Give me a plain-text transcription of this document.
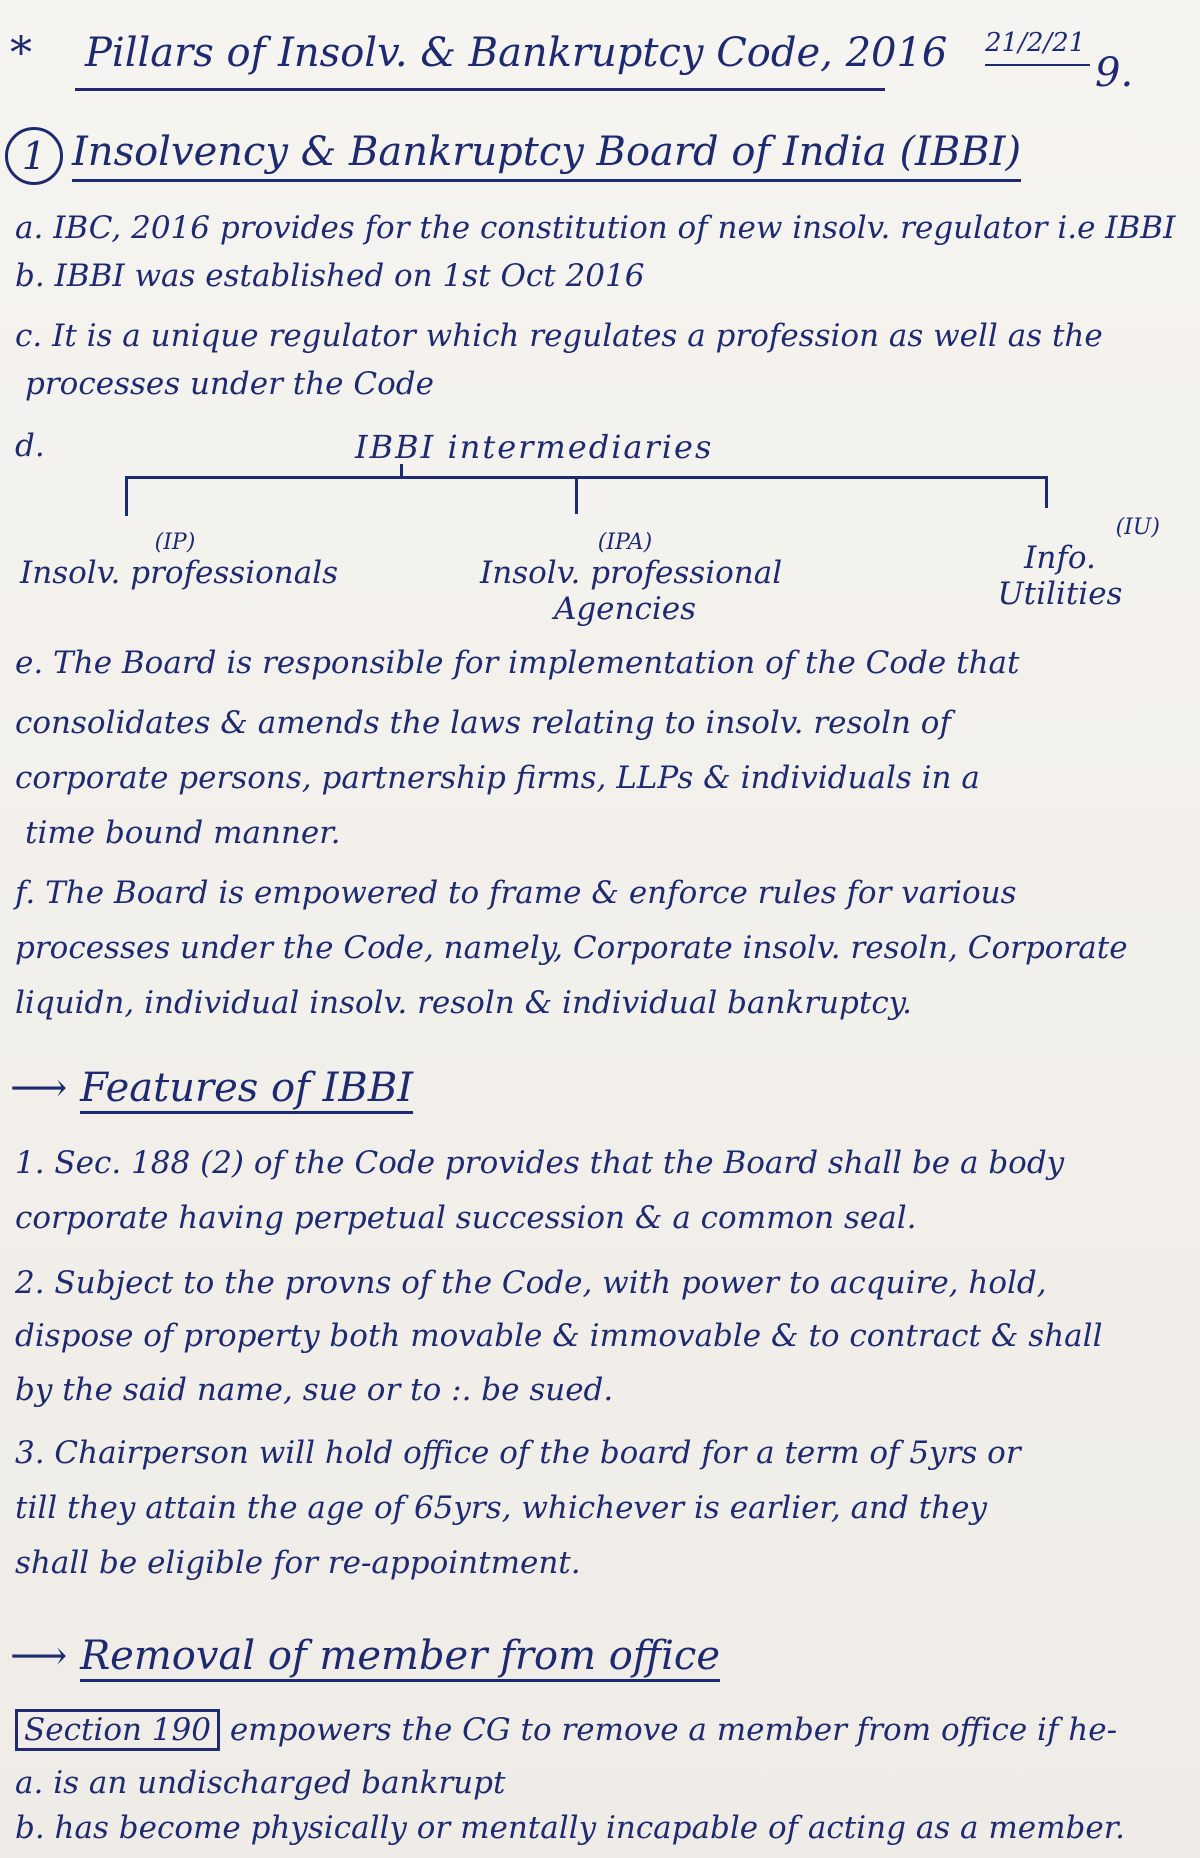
* Pillars of Insolv. & Bankruptcy Code, 2016 21/2/21
9.
1 Insolvency & Bankruptcy Board of India (IBBI)
a. IBC, 2016 provides for the constitution of new insolv. regulator i.e IBBI
b. IBBI was established on 1st Oct 2016
c. It is a unique regulator which regulates a profession as well as the
processes under the Code
d.	IBBI intermediaries
(IP)
Insolv. professionals
(IPA)
Insolv. professional
Agencies
(IU)
Info.
Utilities
e. The Board is responsible for implementation of the Code that
consolidates & amends the laws relating to insolv. resoln of
corporate persons, partnership firms, LLPs & individuals in a
time bound manner.
f. The Board is empowered to frame & enforce rules for various
processes under the Code, namely, Corporate insolv. resoln, Corporate
liquidn, individual insolv. resoln & individual bankruptcy.
⟶ Features of IBBI
1. Sec. 188 (2) of the Code provides that the Board shall be a body
corporate having perpetual succession & a common seal.
2. Subject to the provns of the Code, with power to acquire, hold,
dispose of property both movable & immovable & to contract & shall
by the said name, sue or to :. be sued.
3. Chairperson will hold office of the board for a term of 5yrs or
till they attain the age of 65yrs, whichever is earlier, and they
shall be eligible for re-appointment.
⟶ Removal of member from office
Section 190 empowers the CG to remove a member from office if he-
a. is an undischarged bankrupt
b. has become physically or mentally incapable of acting as a member.
